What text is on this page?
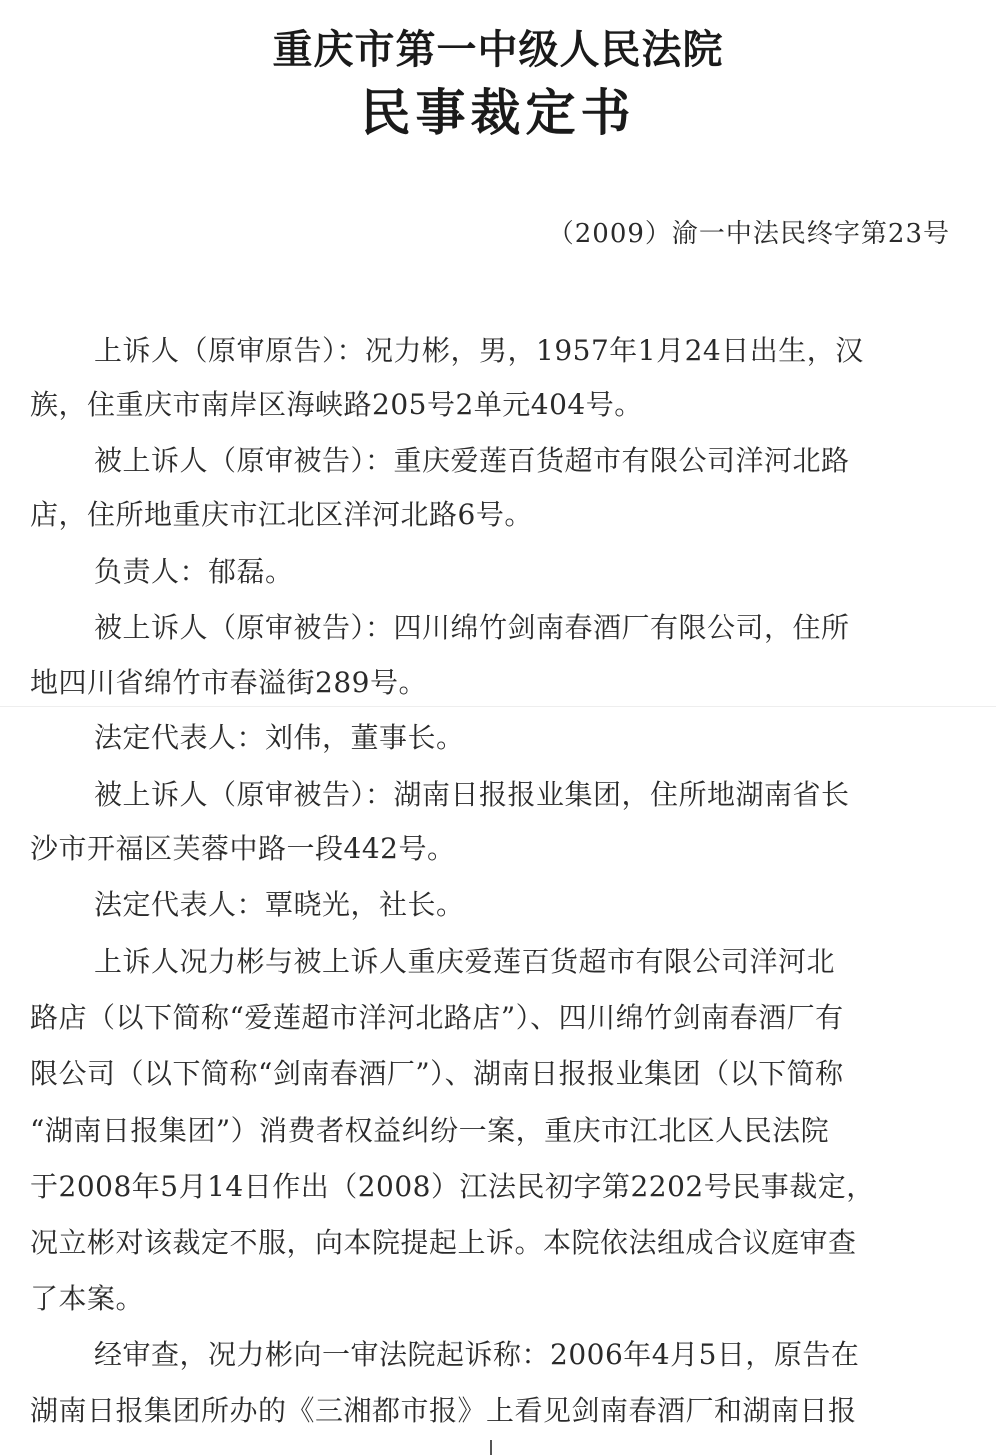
重庆市第一中级人民法院
民事裁定书
（2009）渝一中法民终字第23号
上诉人（原审原告）：况力彬，男，1957年1月24日出生，汉
族，住重庆市南岸区海峡路205号2单元404号。
被上诉人（原审被告）：重庆爱莲百货超市有限公司洋河北路
店，住所地重庆市江北区洋河北路6号。
负责人：郁磊。
被上诉人（原审被告）：四川绵竹剑南春酒厂有限公司，住所
地四川省绵竹市春溢街289号。
法定代表人：刘伟，董事长。
被上诉人（原审被告）：湖南日报报业集团，住所地湖南省长
沙市开福区芙蓉中路一段442号。
法定代表人：覃晓光，社长。
上诉人况力彬与被上诉人重庆爱莲百货超市有限公司洋河北
路店（以下简称“爱莲超市洋河北路店”）、四川绵竹剑南春酒厂有
限公司（以下简称“剑南春酒厂”）、湖南日报报业集团（以下简称
“湖南日报集团”）消费者权益纠纷一案，重庆市江北区人民法院
于2008年5月14日作出（2008）江法民初字第2202号民事裁定，
况立彬对该裁定不服，向本院提起上诉。本院依法组成合议庭审查
了本案。
经审查，况力彬向一审法院起诉称：2006年4月5日，原告在
湖南日报集团所办的《三湘都市报》上看见剑南春酒厂和湖南日报
